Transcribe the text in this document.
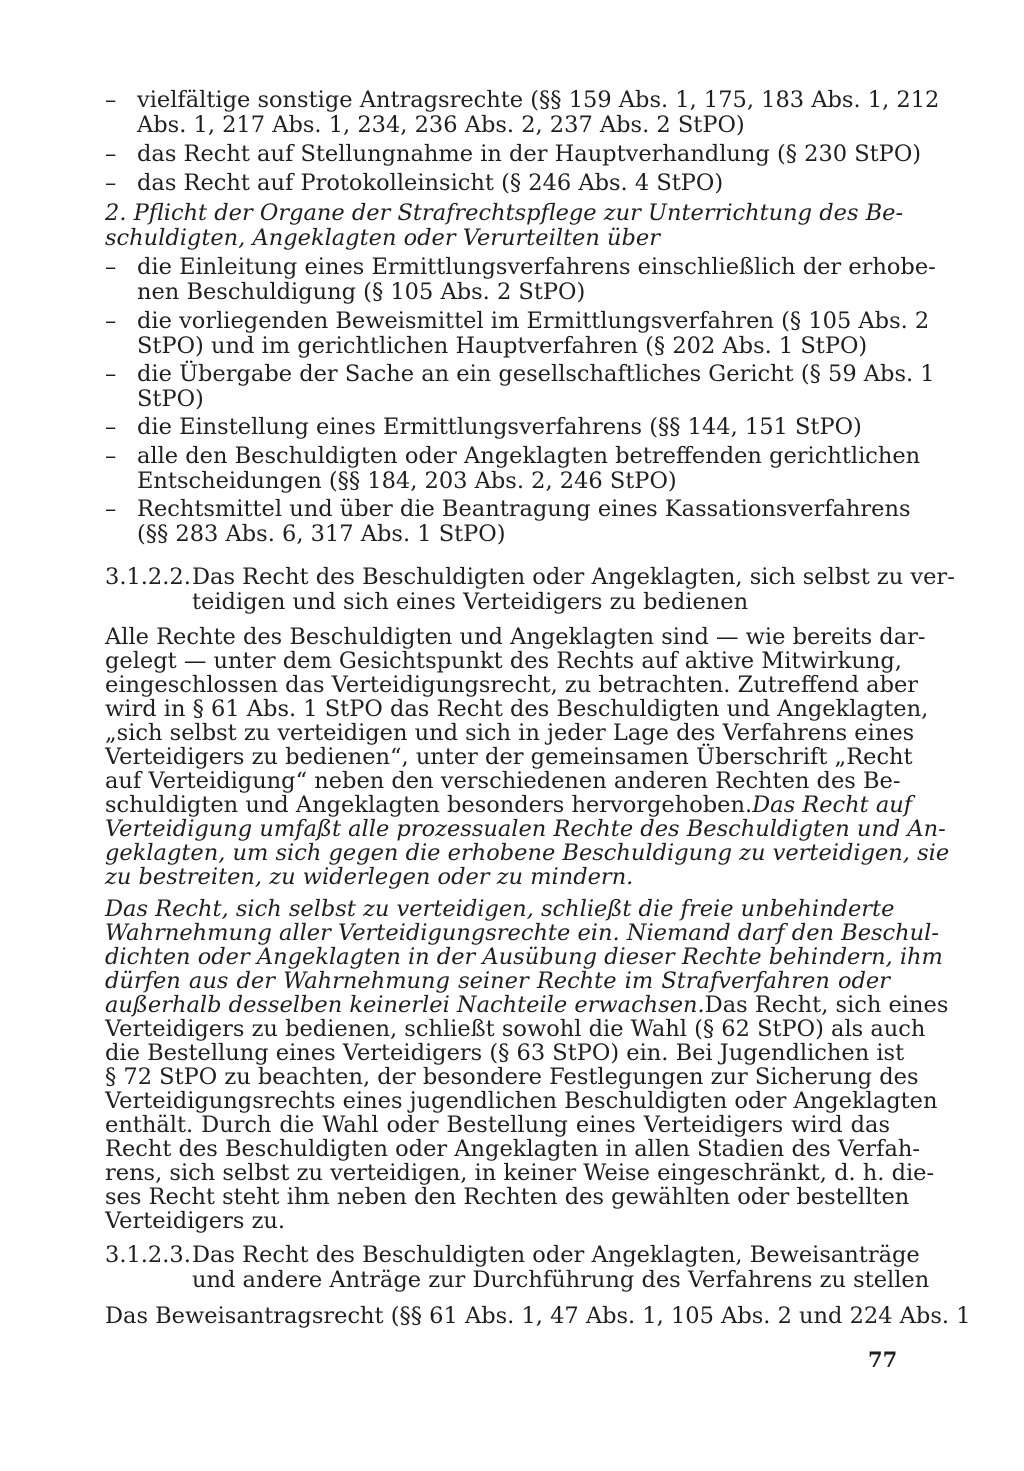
– vielfältige sonstige Antragsrechte (§§ 159 Abs. 1, 175, 183 Abs. 1, 212
Abs. 1, 217 Abs. 1, 234, 236 Abs. 2, 237 Abs. 2 StPO)
– das Recht auf Stellungnahme in der Hauptverhandlung (§ 230 StPO)
– das Recht auf Protokolleinsicht (§ 246 Abs. 4 StPO)
2. Pflicht der Organe der Strafrechtspflege zur Unterrichtung des Be-
schuldigten, Angeklagten oder Verurteilten über
– die Einleitung eines Ermittlungsverfahrens einschließlich der erhobe-
nen Beschuldigung (§ 105 Abs. 2 StPO)
– die vorliegenden Beweismittel im Ermittlungsverfahren (§ 105 Abs. 2
StPO) und im gerichtlichen Hauptverfahren (§ 202 Abs. 1 StPO)
– die Übergabe der Sache an ein gesellschaftliches Gericht (§ 59 Abs. 1
StPO)
– die Einstellung eines Ermittlungsverfahrens (§§ 144, 151 StPO)
– alle den Beschuldigten oder Angeklagten betreffenden gerichtlichen
Entscheidungen (§§ 184, 203 Abs. 2, 246 StPO)
– Rechtsmittel und über die Beantragung eines Kassationsverfahrens
(§§ 283 Abs. 6, 317 Abs. 1 StPO)
3.1.2.2. Das Recht des Beschuldigten oder Angeklagten, sich selbst zu ver-
teidigen und sich eines Verteidigers zu bedienen
Alle Rechte des Beschuldigten und Angeklagten sind — wie bereits dar-
gelegt — unter dem Gesichtspunkt des Rechts auf aktive Mitwirkung,
eingeschlossen das Verteidigungsrecht, zu betrachten. Zutreffend aber
wird in § 61 Abs. 1 StPO das Recht des Beschuldigten und Angeklagten,
„sich selbst zu verteidigen und sich in jeder Lage des Verfahrens eines
Verteidigers zu bedienen“, unter der gemeinsamen Überschrift „Recht
auf Verteidigung“ neben den verschiedenen anderen Rechten des Be-
schuldigten und Angeklagten besonders hervorgehoben. Das Recht auf
Verteidigung umfaßt alle prozessualen Rechte des Beschuldigten und An-
geklagten, um sich gegen die erhobene Beschuldigung zu verteidigen, sie
zu bestreiten, zu widerlegen oder zu mindern.
Das Recht, sich selbst zu verteidigen, schließt die freie unbehinderte
Wahrnehmung aller Verteidigungsrechte ein. Niemand darf den Beschul-
dichten oder Angeklagten in der Ausübung dieser Rechte behindern, ihm
dürfen aus der Wahrnehmung seiner Rechte im Strafverfahren oder
außerhalb desselben keinerlei Nachteile erwachsen. Das Recht, sich eines
Verteidigers zu bedienen, schließt sowohl die Wahl (§ 62 StPO) als auch
die Bestellung eines Verteidigers (§ 63 StPO) ein. Bei Jugendlichen ist
§ 72 StPO zu beachten, der besondere Festlegungen zur Sicherung des
Verteidigungsrechts eines jugendlichen Beschuldigten oder Angeklagten
enthält. Durch die Wahl oder Bestellung eines Verteidigers wird das
Recht des Beschuldigten oder Angeklagten in allen Stadien des Verfah-
rens, sich selbst zu verteidigen, in keiner Weise eingeschränkt, d. h. die-
ses Recht steht ihm neben den Rechten des gewählten oder bestellten
Verteidigers zu.
3.1.2.3. Das Recht des Beschuldigten oder Angeklagten, Beweisanträge
und andere Anträge zur Durchführung des Verfahrens zu stellen
Das Beweisantragsrecht (§§ 61 Abs. 1, 47 Abs. 1, 105 Abs. 2 und 224 Abs. 1
77
